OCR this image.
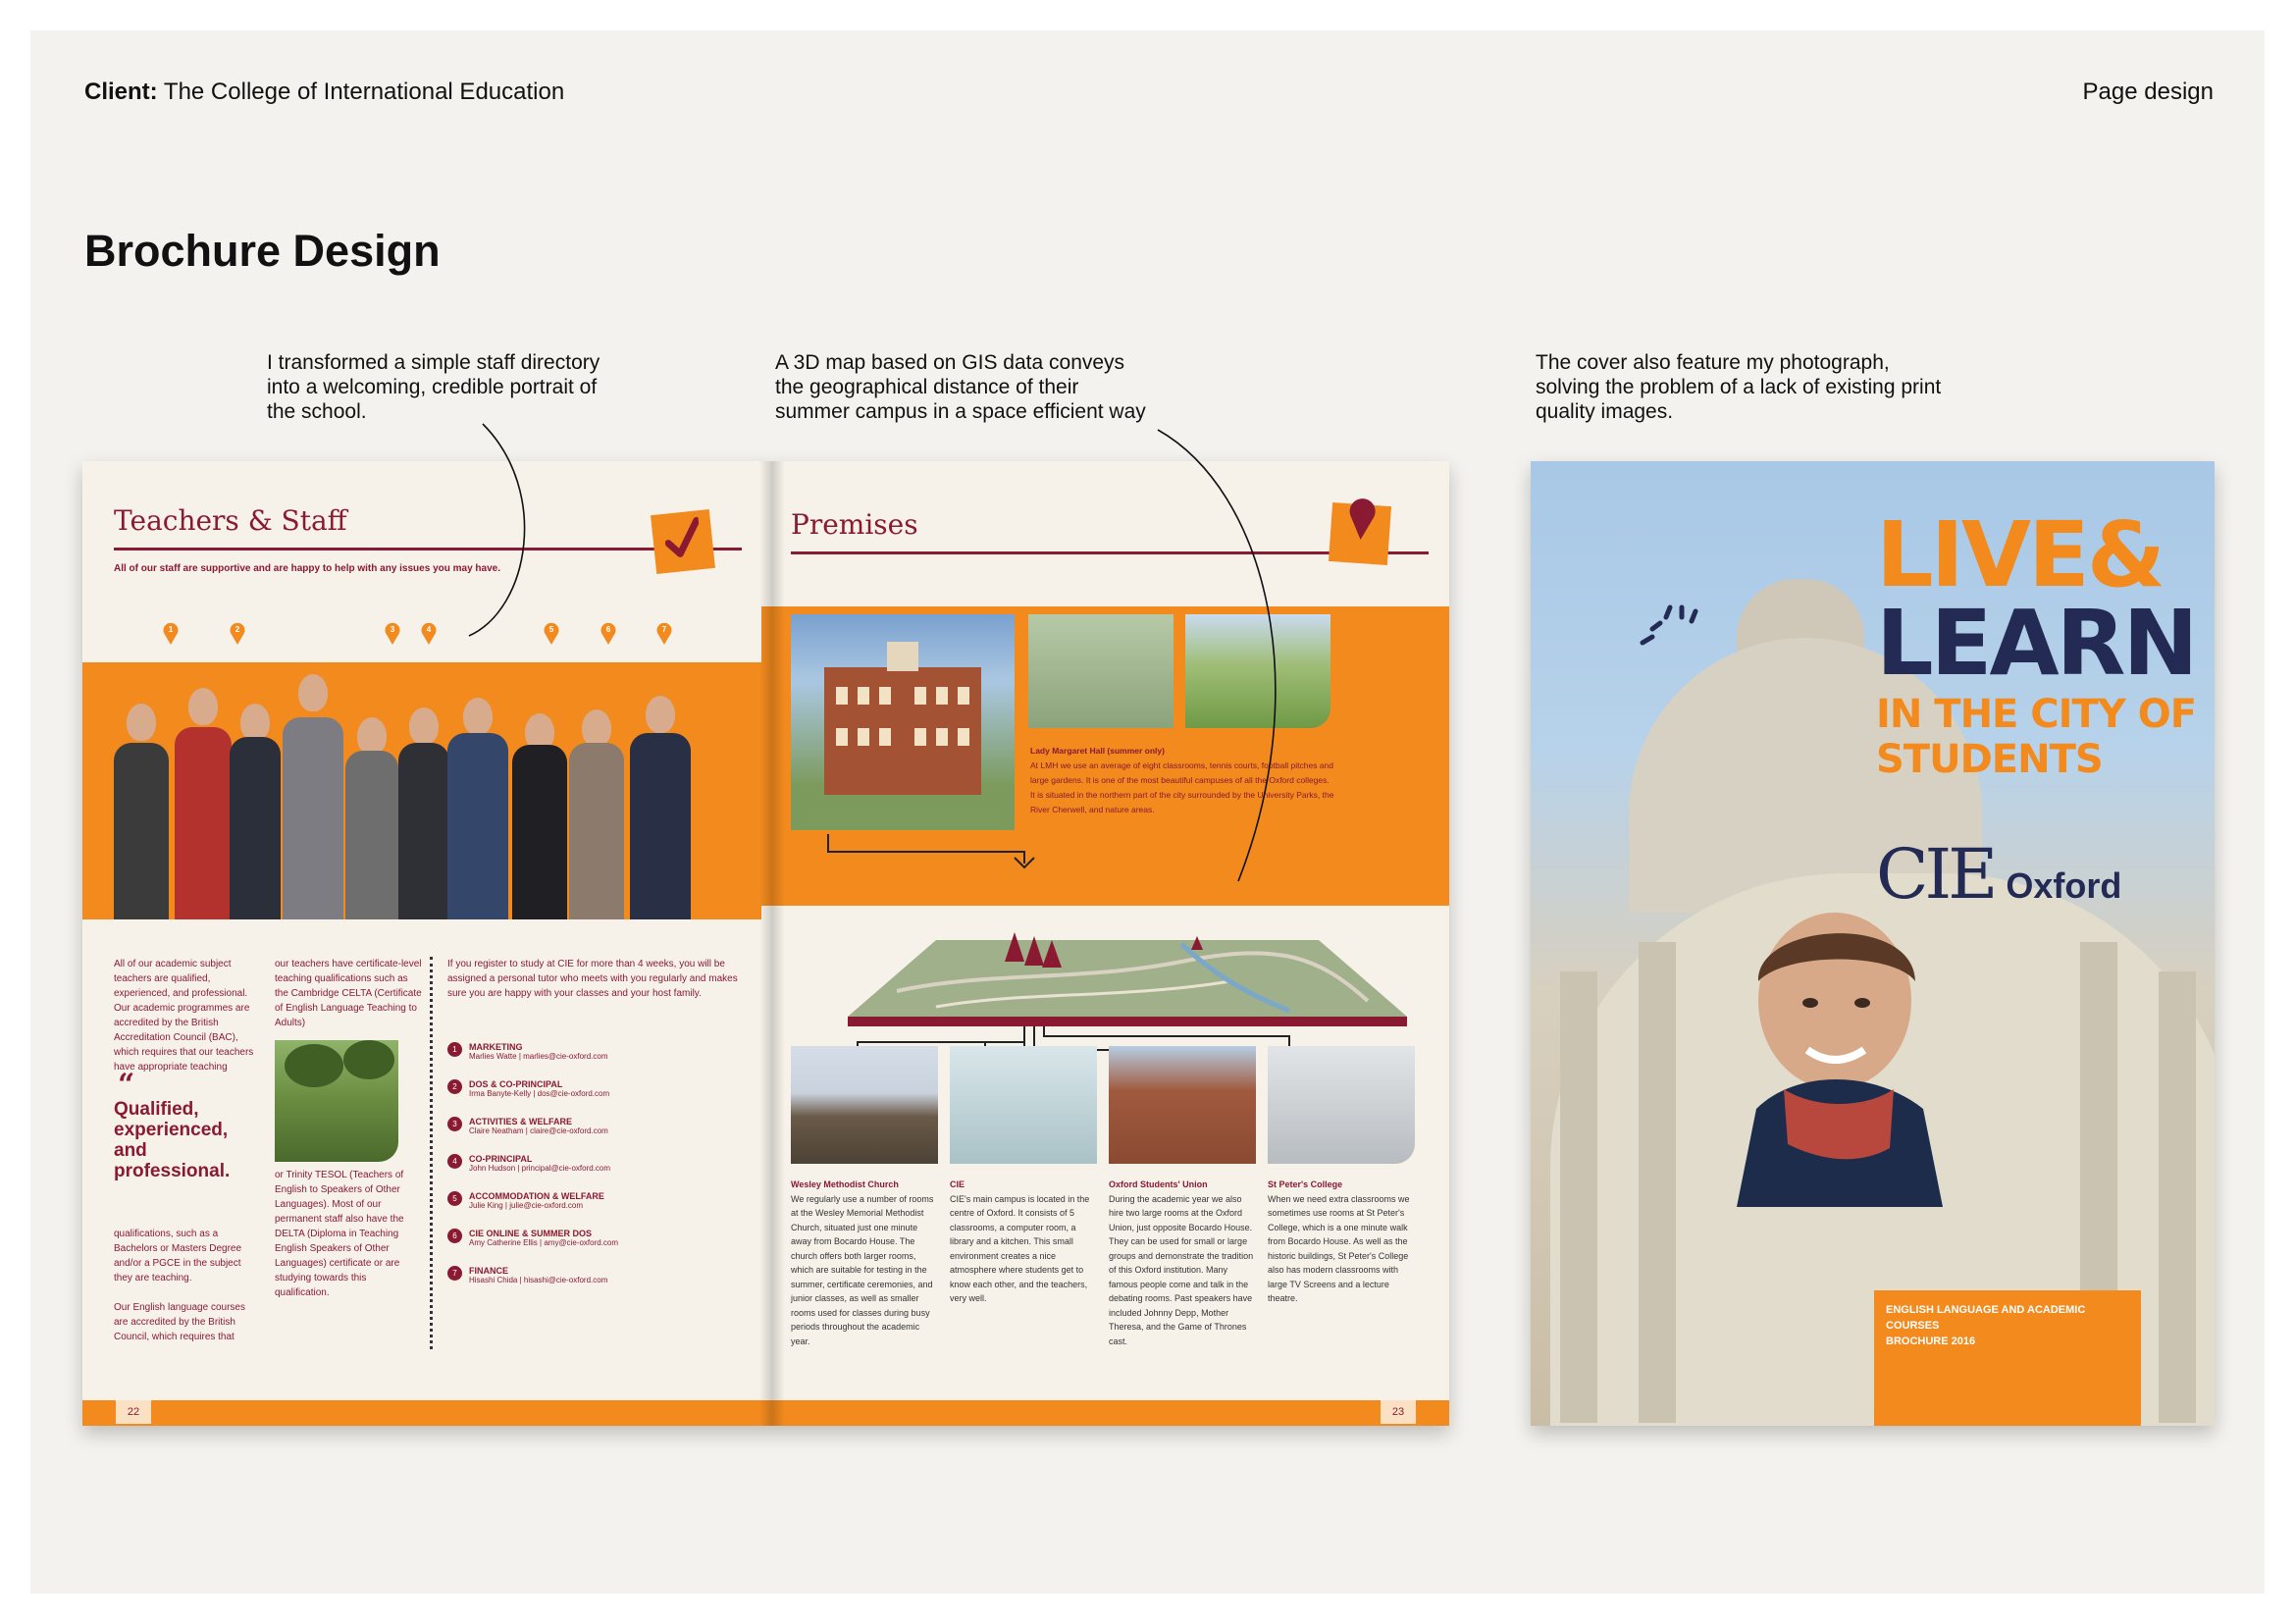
Client: The College of International Education	Page design
Brochure Design
I transformed a simple staff directory
into a welcoming, credible portrait of
the school.
A 3D map based on GIS data conveys
the geographical distance of their
summer campus in a space efficient way
The cover also feature my photograph,
solving the problem of a lack of existing print
quality images.
Teachers & Staff
All of our staff are supportive and are happy to help with any issues you may have.
1	2	3	4	5	6	7
All of our academic subject teachers are qualified, experienced, and professional. Our academic programmes are accredited by the British Accreditation Council (BAC), which requires that our teachers have appropriate teaching
“
Qualified,
experienced,
and
professional.
qualifications, such as a Bachelors or Masters Degree and/or a PGCE in the subject they are teaching.

Our English language courses are accredited by the British Council, which requires that
our teachers have certificate-level teaching qualifications such as the Cambridge CELTA (Certificate of English Language Teaching to Adults)
or Trinity TESOL (Teachers of English to Speakers of Other Languages). Most of our permanent staff also have the DELTA (Diploma in Teaching English Speakers of Other Languages) certificate or are studying towards this qualification.
If you register to study at CIE for more than 4 weeks, you will be assigned a personal tutor who meets with you regularly and makes sure you are happy with your classes and your host family.
1	MARKETING
Marlies Watte | marlies@cie-oxford.com
2	DOS & CO-PRINCIPAL
Irma Banyte-Kelly | dos@cie-oxford.com
3	ACTIVITIES & WELFARE
Claire Neatham | claire@cie-oxford.com
4	CO-PRINCIPAL
John Hudson | principal@cie-oxford.com
5	ACCOMMODATION & WELFARE
Julie King | julie@cie-oxford.com
6	CIE ONLINE & SUMMER DOS
Amy Catherine Ellis | amy@cie-oxford.com
7	FINANCE
Hisashi Chida | hisashi@cie-oxford.com
Premises
Lady Margaret Hall (summer only)
At LMH we use an average of eight classrooms, tennis courts, football pitches and large gardens. It is one of the most beautiful campuses of all the Oxford colleges. It is situated in the northern part of the city surrounded by the University Parks, the River Cherwell, and nature areas.
Wesley Methodist Church
We regularly use a number of rooms at the Wesley Memorial Methodist Church, situated just one minute away from Bocardo House. The church offers both larger rooms, which are suitable for testing in the summer, certificate ceremonies, and junior classes, as well as smaller rooms used for classes during busy periods throughout the academic year.
CIE
CIE's main campus is located in the centre of Oxford. It consists of 5 classrooms, a computer room, a library and a kitchen. This small environment creates a nice atmosphere where students get to know each other, and the teachers, very well.
Oxford Students' Union
During the academic year we also hire two large rooms at the Oxford Union, just opposite Bocardo House. They can be used for small or large groups and demonstrate the tradition of this Oxford institution. Many famous people come and talk in the debating rooms. Past speakers have included Johnny Depp, Mother Theresa, and the Game of Thrones cast.
St Peter's College
When we need extra classrooms we sometimes use rooms at St Peter's College, which is a one minute walk from Bocardo House. As well as the historic buildings, St Peter's College also has modern classrooms with large TV Screens and a lecture theatre.
22	23
LIVE&
LEARN
IN THE CITY OF
STUDENTS
CIE Oxford
ENGLISH LANGUAGE AND ACADEMIC COURSES
BROCHURE 2016
